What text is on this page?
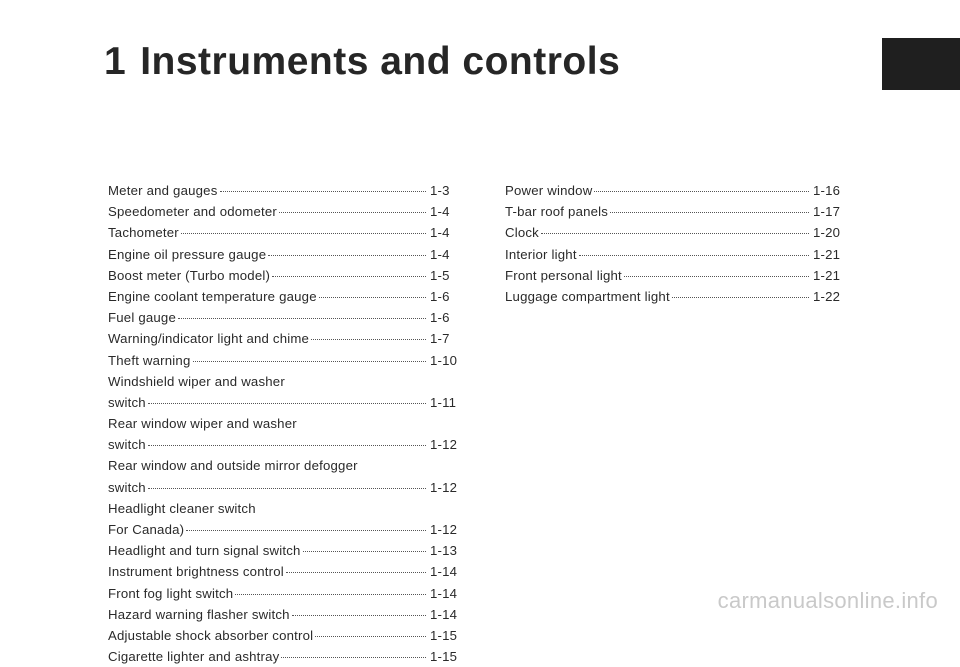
1 Instruments and controls
Meter and gauges	1-3
Speedometer and odometer	1-4
Tachometer	1-4
Engine oil pressure gauge	1-4
Boost meter (Turbo model)	1-5
Engine coolant temperature gauge	1-6
Fuel gauge	1-6
Warning/indicator light and chime	1-7
Theft warning	1-10
Windshield wiper and washer
switch	1-11
Rear window wiper and washer
switch	1-12
Rear window and outside mirror defogger
switch	1-12
Headlight cleaner switch
For Canada)	1-12
Headlight and turn signal switch	1-13
Instrument brightness control	1-14
Front fog light switch	1-14
Hazard warning flasher switch	1-14
Adjustable shock absorber control	1-15
Cigarette lighter and ashtray	1-15
Power window	1-16
T-bar roof panels	1-17
Clock	1-20
Interior light	1-21
Front personal light	1-21
Luggage compartment light	1-22
carmanualsonline.info
